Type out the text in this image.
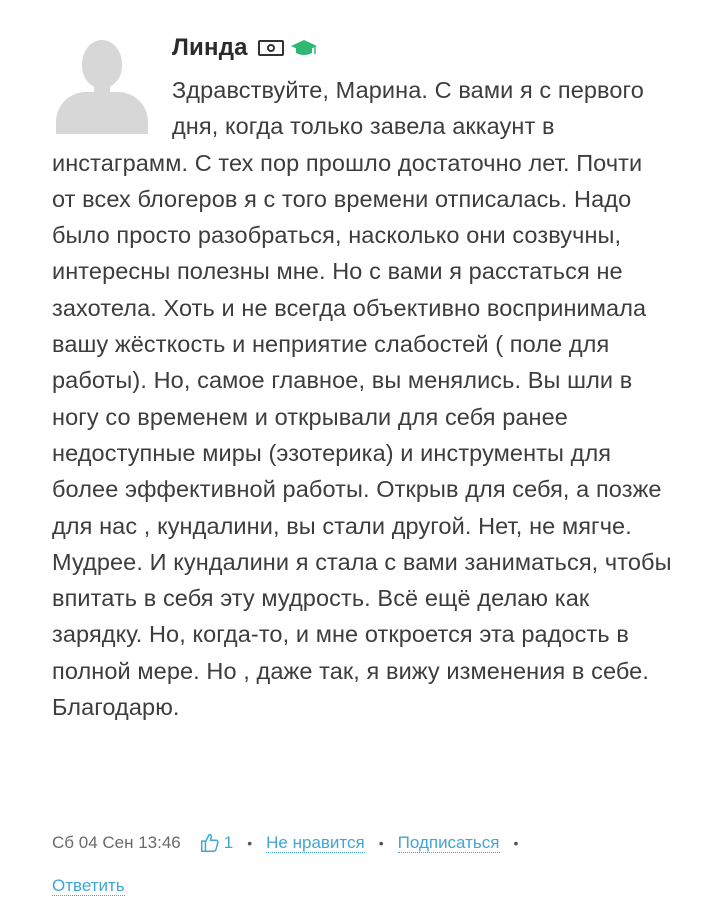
Линда

Здравствуйте, Марина. С вами я с первого дня, когда только завела аккаунт в инстаграмм. С тех пор прошло достаточно лет. Почти от всех блогеров я с того времени отписалась. Надо было просто разобраться, насколько они созвучны, интересны полезны мне. Но с вами я расстаться не захотела. Хоть и не всегда объективно воспринимала вашу жёсткость и неприятие слабостей ( поле для работы). Но, самое главное, вы менялись. Вы шли в ногу со временем и открывали для себя ранее недоступные миры (эзотерика) и инструменты для более эффективной работы. Открыв для себя, а позже для нас , кундалини, вы стали другой. Нет, не мягче. Мудрее. И кундалини я стала с вами заниматься, чтобы впитать в себя эту мудрость. Всё ещё делаю как зарядку. Но, когда-то, и мне откроется эта радость в полной мере. Но , даже так, я вижу изменения в себе. Благодарю.

Сб 04 Сен 13:46	1 • Не нравится • Подписаться •
Ответить
